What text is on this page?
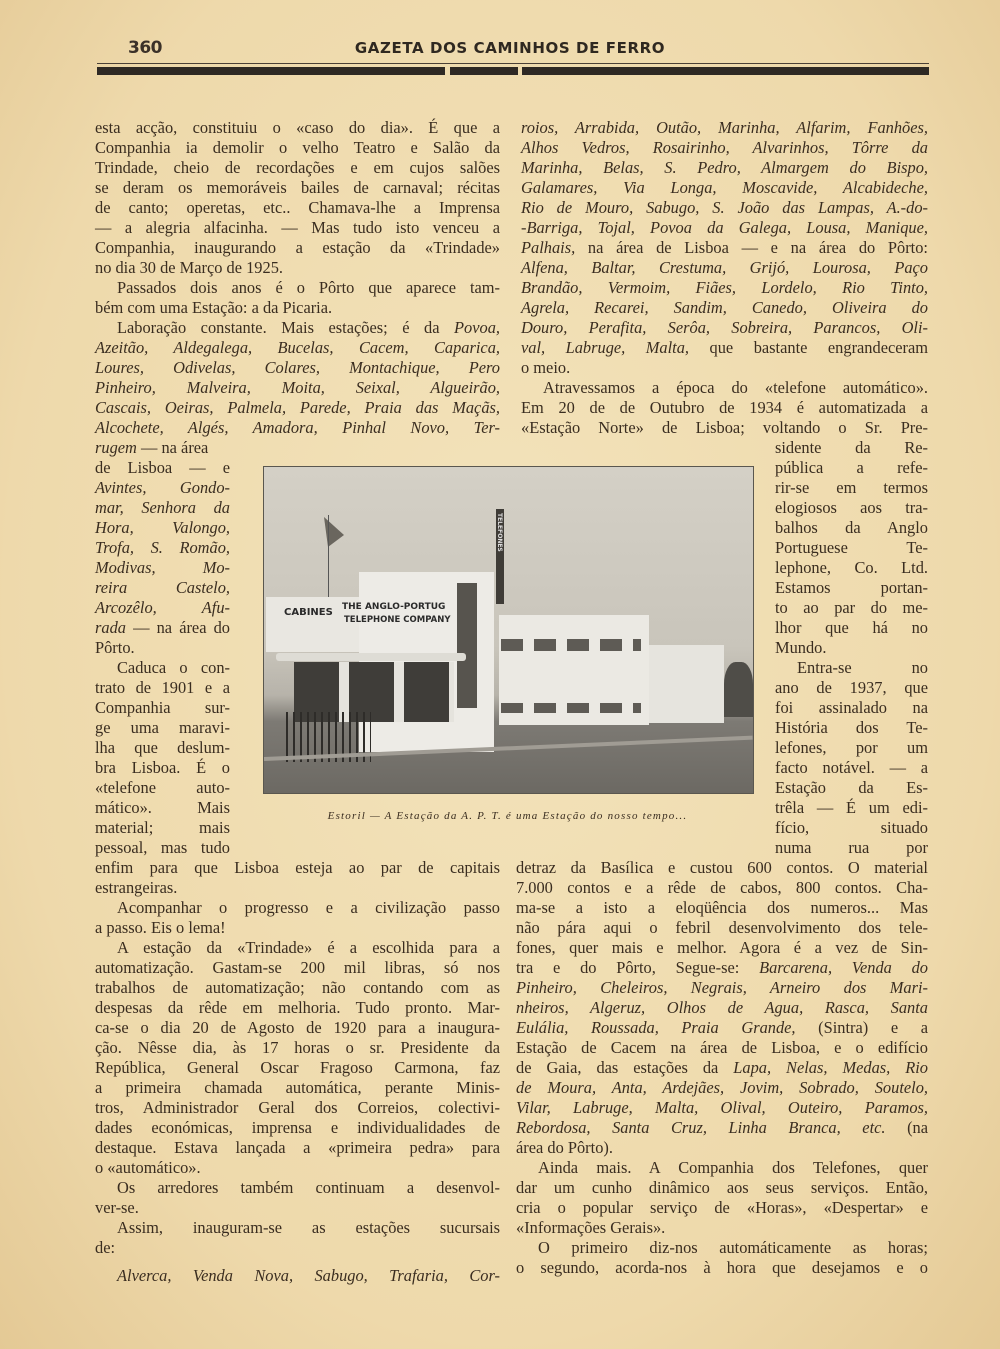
360	GAZETA DOS CAMINHOS DE FERRO
esta acção, constituiu o «caso do dia». É que a
Companhia ia demolir o velho Teatro e Salão da
Trindade, cheio de recordações e em cujos salões
se deram os memoráveis bailes de carnaval; récitas
de canto; operetas, etc.. Chamava-lhe a Imprensa
— a alegria alfacinha. — Mas tudo isto venceu a
Companhia, inaugurando a estação da «Trindade»
no dia 30 de Março de 1925.
Passados dois anos é o Pôrto que aparece tam-
bém com uma Estação: a da Picaria.
Laboração constante. Mais estações; é da Povoa,
Azeitão, Aldegalega, Bucelas, Cacem, Caparica,
Loures, Odivelas, Colares, Montachique, Pero
Pinheiro, Malveira, Moita, Seixal, Algueirão,
Cascais, Oeiras, Palmela, Parede, Praia das Maçãs,
Alcochete, Algés, Amadora, Pinhal Novo, Ter-
rugem — na área
de Lisboa — e
Avintes, Gondo-
mar, Senhora da
Hora, Valongo,
Trofa, S. Romão,
Modivas, Mo-
reira Castelo,
Arcozêlo, Afu-
rada — na área do
Pôrto.
Caduca o con-
trato de 1901 e a
Companhia sur-
ge uma maravi-
lha que deslum-
bra Lisboa. É o
«telefone auto-
mático». Mais
material; mais
pessoal, mas tudo
enfim para que Lisboa esteja ao par de capitais
estrangeiras.
Acompanhar o progresso e a civilização passo
a passo. Eis o lema!
A estação da «Trindade» é a escolhida para a
automatização. Gastam-se 200 mil libras, só nos
trabalhos de automatização; não contando com as
despesas da rêde em melhoria. Tudo pronto. Mar-
ca-se o dia 20 de Agosto de 1920 para a inaugura-
ção. Nêsse dia, às 17 horas o sr. Presidente da
República, General Oscar Fragoso Carmona, faz
a primeira chamada automática, perante Minis-
tros, Administrador Geral dos Correios, colectivi-
dades económicas, imprensa e individualidades de
destaque. Estava lançada a «primeira pedra» para
o «automático».
Os arredores também continuam a desenvol-
ver-se.
Assim, inauguram-se as estações sucursais
de:
Alverca, Venda Nova, Sabugo, Trafaria, Cor-
roios, Arrabida, Outão, Marinha, Alfarim, Fanhões,
Alhos Vedros, Rosairinho, Alvarinhos, Tôrre da
Marinha, Belas, S. Pedro, Almargem do Bispo,
Galamares, Via Longa, Moscavide, Alcabideche,
Rio de Mouro, Sabugo, S. João das Lampas, A.-do-
-Barriga, Tojal, Povoa da Galega, Lousa, Manique,
Palhais, na área de Lisboa — e na área do Pôrto:
Alfena, Baltar, Crestuma, Grijó, Lourosa, Paço
Brandão, Vermoim, Fiães, Lordelo, Rio Tinto,
Agrela, Recarei, Sandim, Canedo, Oliveira do
Douro, Perafita, Serôa, Sobreira, Parancos, Oli-
val, Labruge, Malta, que bastante engrandeceram
o meio.
Atravessamos a época do «telefone automático».
Em 20 de de Outubro de 1934 é automatizada a
«Estação Norte» de Lisboa; voltando o Sr. Pre-
sidente da Re-
pública a refe-
rir-se em termos
elogiosos aos tra-
balhos da Anglo
Portuguese Te-
lephone, Co. Ltd.
Estamos portan-
to ao par do me-
lhor que há no
Mundo.
Entra-se no
ano de 1937, que
foi assinalado na
História dos Te-
lefones, por um
facto notável. — a
Estação da Es-
trêla — É um edi-
fício, situado
numa rua por
detraz da Basílica e custou 600 contos. O material
7.000 contos e a rêde de cabos, 800 contos. Cha-
ma-se a isto a eloqüência dos numeros... Mas
não pára aqui o febril desenvolvimento dos tele-
fones, quer mais e melhor. Agora é a vez de Sin-
tra e do Pôrto, Segue-se: Barcarena, Venda do
Pinheiro, Cheleiros, Negrais, Arneiro dos Mari-
nheiros, Algeruz, Olhos de Agua, Rasca, Santa
Eulália, Roussada, Praia Grande, (Sintra) e a
Estação de Cacem na área de Lisboa, e o edifício
de Gaia, das estações da Lapa, Nelas, Medas, Rio
de Moura, Anta, Ardejães, Jovim, Sobrado, Soutelo,
Vilar, Labruge, Malta, Olival, Outeiro, Paramos,
Rebordosa, Santa Cruz, Linha Branca, etc. (na
área do Pôrto).
Ainda mais. A Companhia dos Telefones, quer
dar um cunho dinâmico aos seus serviços. Então,
cria o popular serviço de «Horas», «Despertar» e
«Informações Gerais».
O primeiro diz-nos automáticamente as horas;
o segundo, acorda-nos à hora que desejamos e o
CABINES THE ANGLO-PORTUG
TELEPHONE COMPANY
TELEFONES
Estoril — A Estação da A. P. T. é uma Estação do nosso tempo...
